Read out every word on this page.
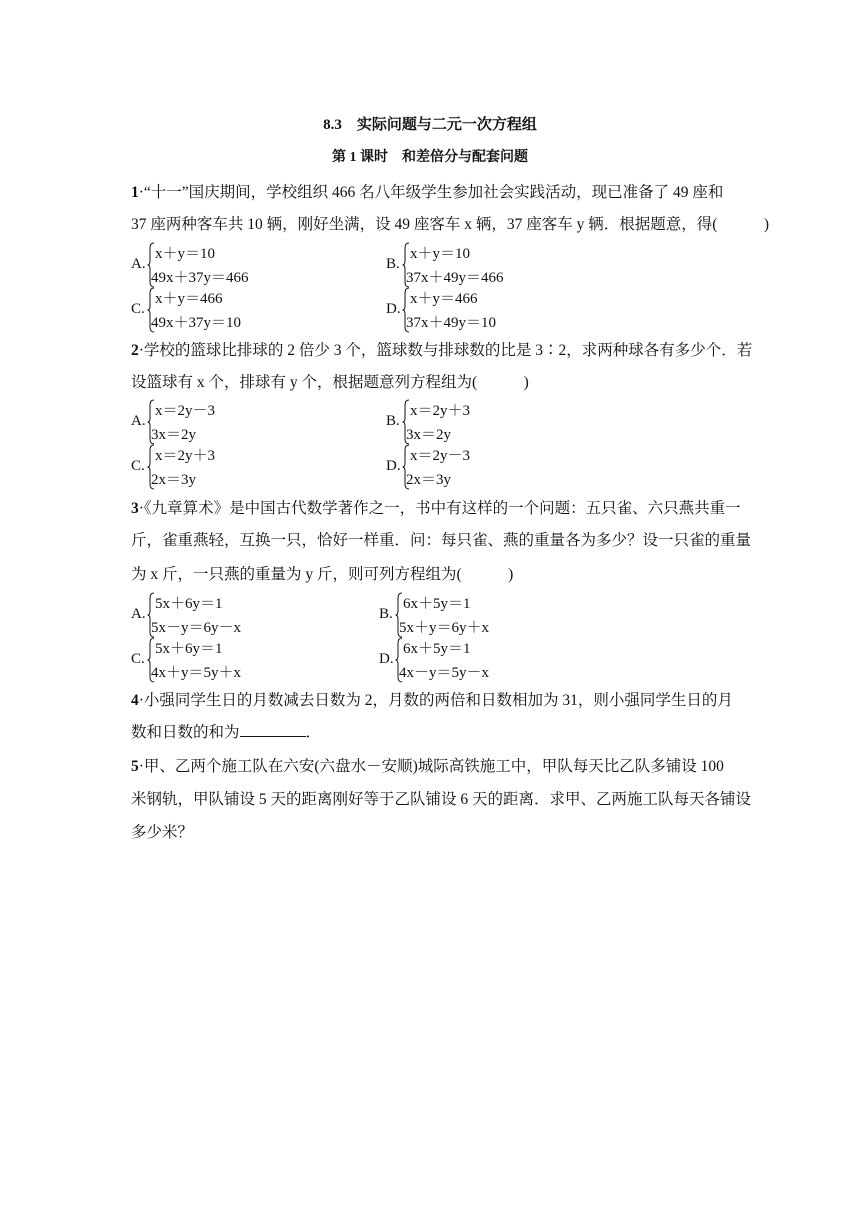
8.3　实际问题与二元一次方程组
第 1 课时　和差倍分与配套问题
1·“十一”国庆期间，学校组织 466 名八年级学生参加社会实践活动，现已准备了 49 座和
37 座两种客车共 10 辆，刚好坐满，设 49 座客车 x 辆，37 座客车 y 辆．根据题意，得(　　　)
A.
x＋y＝10
49x＋37y＝466
B.
x＋y＝10
37x＋49y＝466
C.
x＋y＝466
49x＋37y＝10
D.
x＋y＝466
37x＋49y＝10
2·学校的篮球比排球的 2 倍少 3 个，篮球数与排球数的比是 3∶2，求两种球各有多少个．若
设篮球有 x 个，排球有 y 个，根据题意列方程组为(　　　)
A.
x＝2y－3
3x＝2y
B.
x＝2y＋3
3x＝2y
C.
x＝2y＋3
2x＝3y
D.
x＝2y－3
2x＝3y
3·《九章算术》是中国古代数学著作之一，书中有这样的一个问题：五只雀、六只燕共重一
斤，雀重燕轻，互换一只，恰好一样重．问：每只雀、燕的重量各为多少？设一只雀的重量
为 x 斤，一只燕的重量为 y 斤，则可列方程组为(　　　)
A.
5x＋6y＝1
5x－y＝6y－x
B.
6x＋5y＝1
5x＋y＝6y＋x
C.
5x＋6y＝1
4x＋y＝5y＋x
D.
6x＋5y＝1
4x－y＝5y－x
4·小强同学生日的月数减去日数为 2，月数的两倍和日数相加为 31，则小强同学生日的月
数和日数的和为	．
5·甲、乙两个施工队在六安(六盘水－安顺)城际高铁施工中，甲队每天比乙队多铺设 100
米钢轨，甲队铺设 5 天的距离刚好等于乙队铺设 6 天的距离．求甲、乙两施工队每天各铺设
多少米？
